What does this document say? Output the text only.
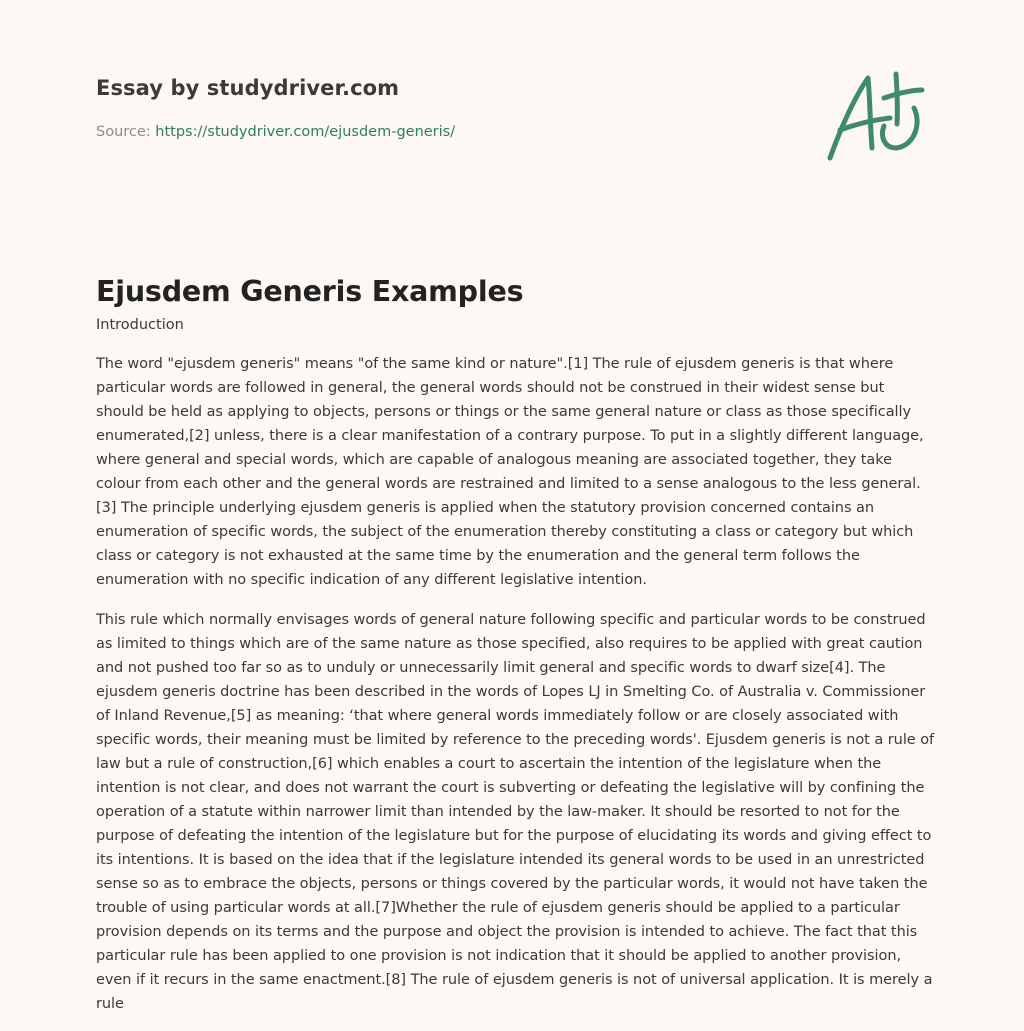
Essay by studydriver.com
Source: https://studydriver.com/ejusdem-generis/
Ejusdem Generis Examples
Introduction

The word "ejusdem generis" means "of the same kind or nature".[1] The rule of ejusdem generis is that where particular words are followed in general, the general words should not be construed in their widest sense but should be held as applying to objects, persons or things or the same general nature or class as those specifically enumerated,[2] unless, there is a clear manifestation of a contrary purpose. To put in a slightly different language, where general and special words, which are capable of analogous meaning are associated together, they take colour from each other and the general words are restrained and limited to a sense analogous to the less general.[3] The principle underlying ejusdem generis is applied when the statutory provision concerned contains an enumeration of specific words, the subject of the enumeration thereby constituting a class or category but which class or category is not exhausted at the same time by the enumeration and the general term follows the enumeration with no specific indication of any different legislative intention.

This rule which normally envisages words of general nature following specific and particular words to be construed as limited to things which are of the same nature as those specified, also requires to be applied with great caution and not pushed too far so as to unduly or unnecessarily limit general and specific words to dwarf size[4]. The ejusdem generis doctrine has been described in the words of Lopes LJ in Smelting Co. of Australia v. Commissioner of Inland Revenue,[5] as meaning: ‘that where general words immediately follow or are closely associated with specific words, their meaning must be limited by reference to the preceding words'. Ejusdem generis is not a rule of law but a rule of construction,[6] which enables a court to ascertain the intention of the legislature when the intention is not clear, and does not warrant the court is subverting or defeating the legislative will by confining the operation of a statute within narrower limit than intended by the law-maker. It should be resorted to not for the purpose of defeating the intention of the legislature but for the purpose of elucidating its words and giving effect to its intentions. It is based on the idea that if the legislature intended its general words to be used in an unrestricted sense so as to embrace the objects, persons or things covered by the particular words, it would not have taken the trouble of using particular words at all.[7]Whether the rule of ejusdem generis should be applied to a particular provision depends on its terms and the purpose and object the provision is intended to achieve. The fact that this particular rule has been applied to one provision is not indication that it should be applied to another provision, even if it recurs in the same enactment.[8] The rule of ejusdem generis is not of universal application. It is merely a rule
